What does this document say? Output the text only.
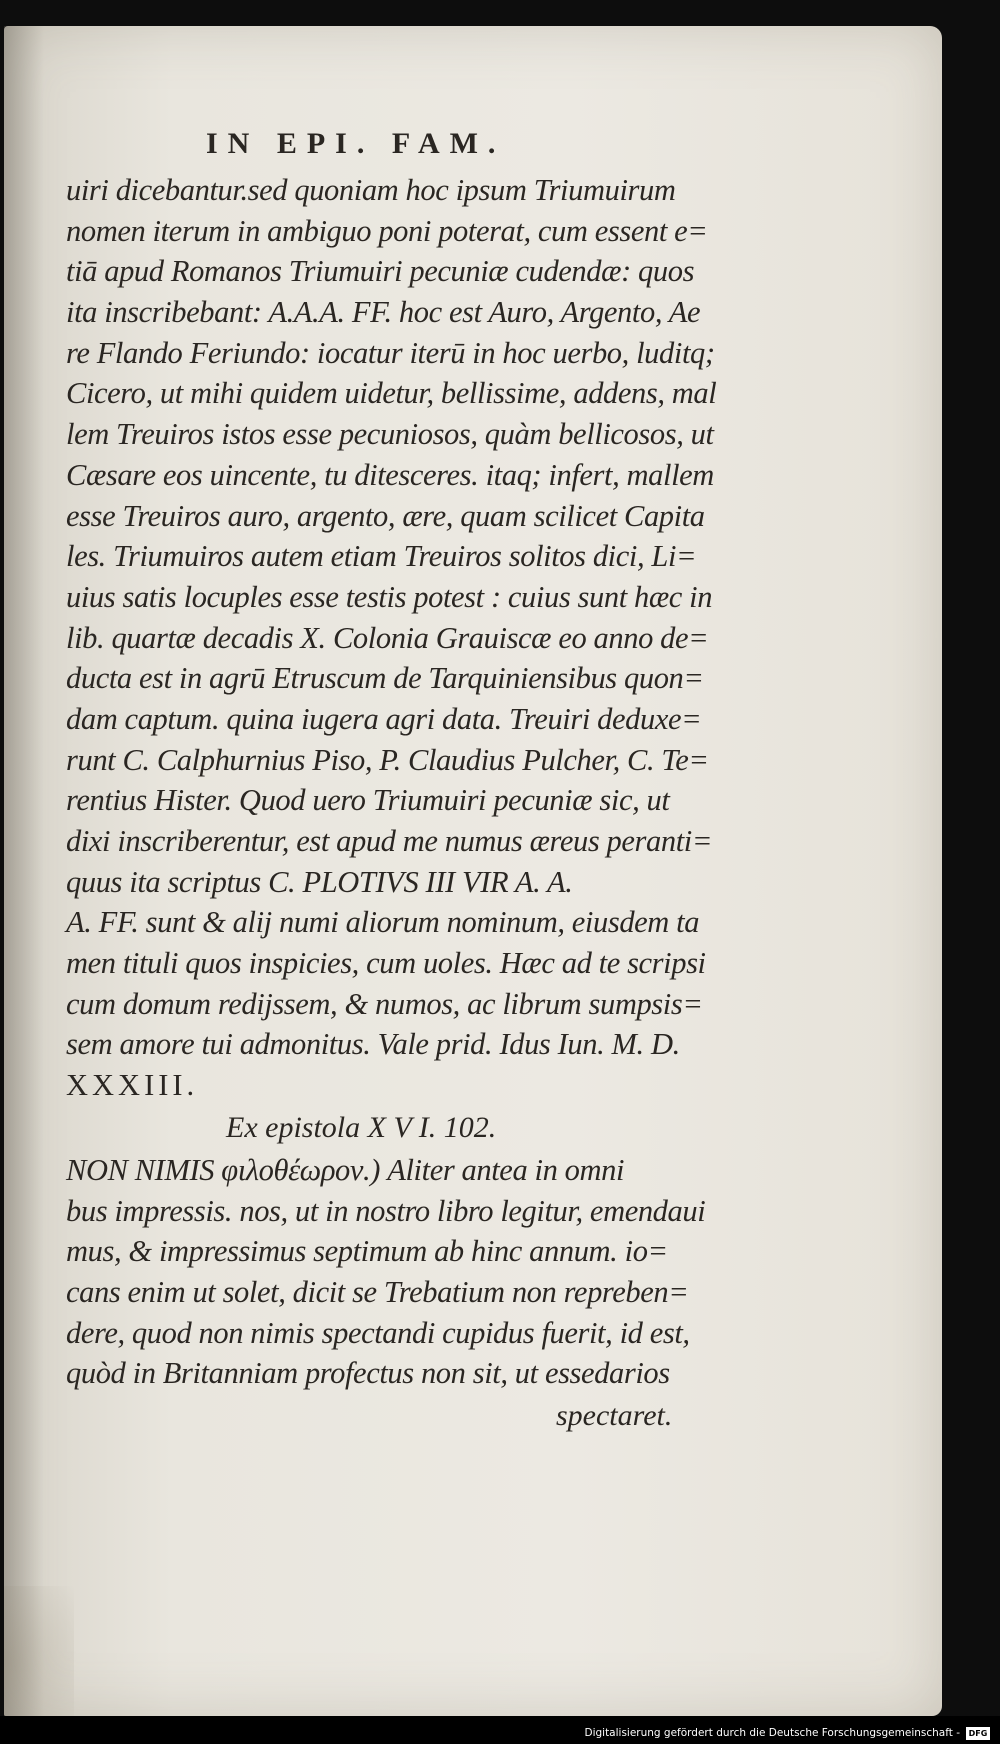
IN EPI. FAM.
uiri dicebantur.sed quoniam hoc ipsum Triumuirum
nomen iterum in ambiguo poni poterat, cum essent e=
tiā apud Romanos Triumuiri pecuniæ cudendæ: quos
ita inscribebant: A.A.A. FF. hoc est Auro, Argento, Ae
re Flando Feriundo: iocatur iterū in hoc uerbo, luditq;
Cicero, ut mihi quidem uidetur, bellissime, addens, mal
lem Treuiros istos esse pecuniosos, quàm bellicosos, ut
Cæsare eos uincente, tu ditesceres. itaq; infert, mallem
esse Treuiros auro, argento, ære, quam scilicet Capita
les. Triumuiros autem etiam Treuiros solitos dici, Li=
uius satis locuples esse testis potest : cuius sunt hæc in
lib. quartæ decadis X. Colonia Grauiscæ eo anno de=
ducta est in agrū Etruscum de Tarquiniensibus quon=
dam captum. quina iugera agri data. Treuiri deduxe=
runt C. Calphurnius Piso, P. Claudius Pulcher, C. Te=
rentius Hister. Quod uero Triumuiri pecuniæ sic, ut
dixi inscriberentur, est apud me numus æreus peranti=
quus ita scriptus C. PLOTIVS III VIR A. A.
A. FF. sunt & alij numi aliorum nominum, eiusdem ta
men tituli quos inspicies, cum uoles. Hæc ad te scripsi
cum domum redijssem, & numos, ac librum sumpsis=
sem amore tui admonitus. Vale prid. Idus Iun. M. D.
XXXIII.
Ex epistola X V I. 102.
NON NIMIS φιλοθέωρον.) Aliter antea in omni
bus impressis. nos, ut in nostro libro legitur, emendaui
mus, & impressimus septimum ab hinc annum. io=
cans enim ut solet, dicit se Trebatium non repreben=
dere, quod non nimis spectandi cupidus fuerit, id est,
quòd in Britanniam profectus non sit, ut essedarios
spectaret.
Digitalisierung gefördert durch die Deutsche Forschungsgemeinschaft -	DFG
